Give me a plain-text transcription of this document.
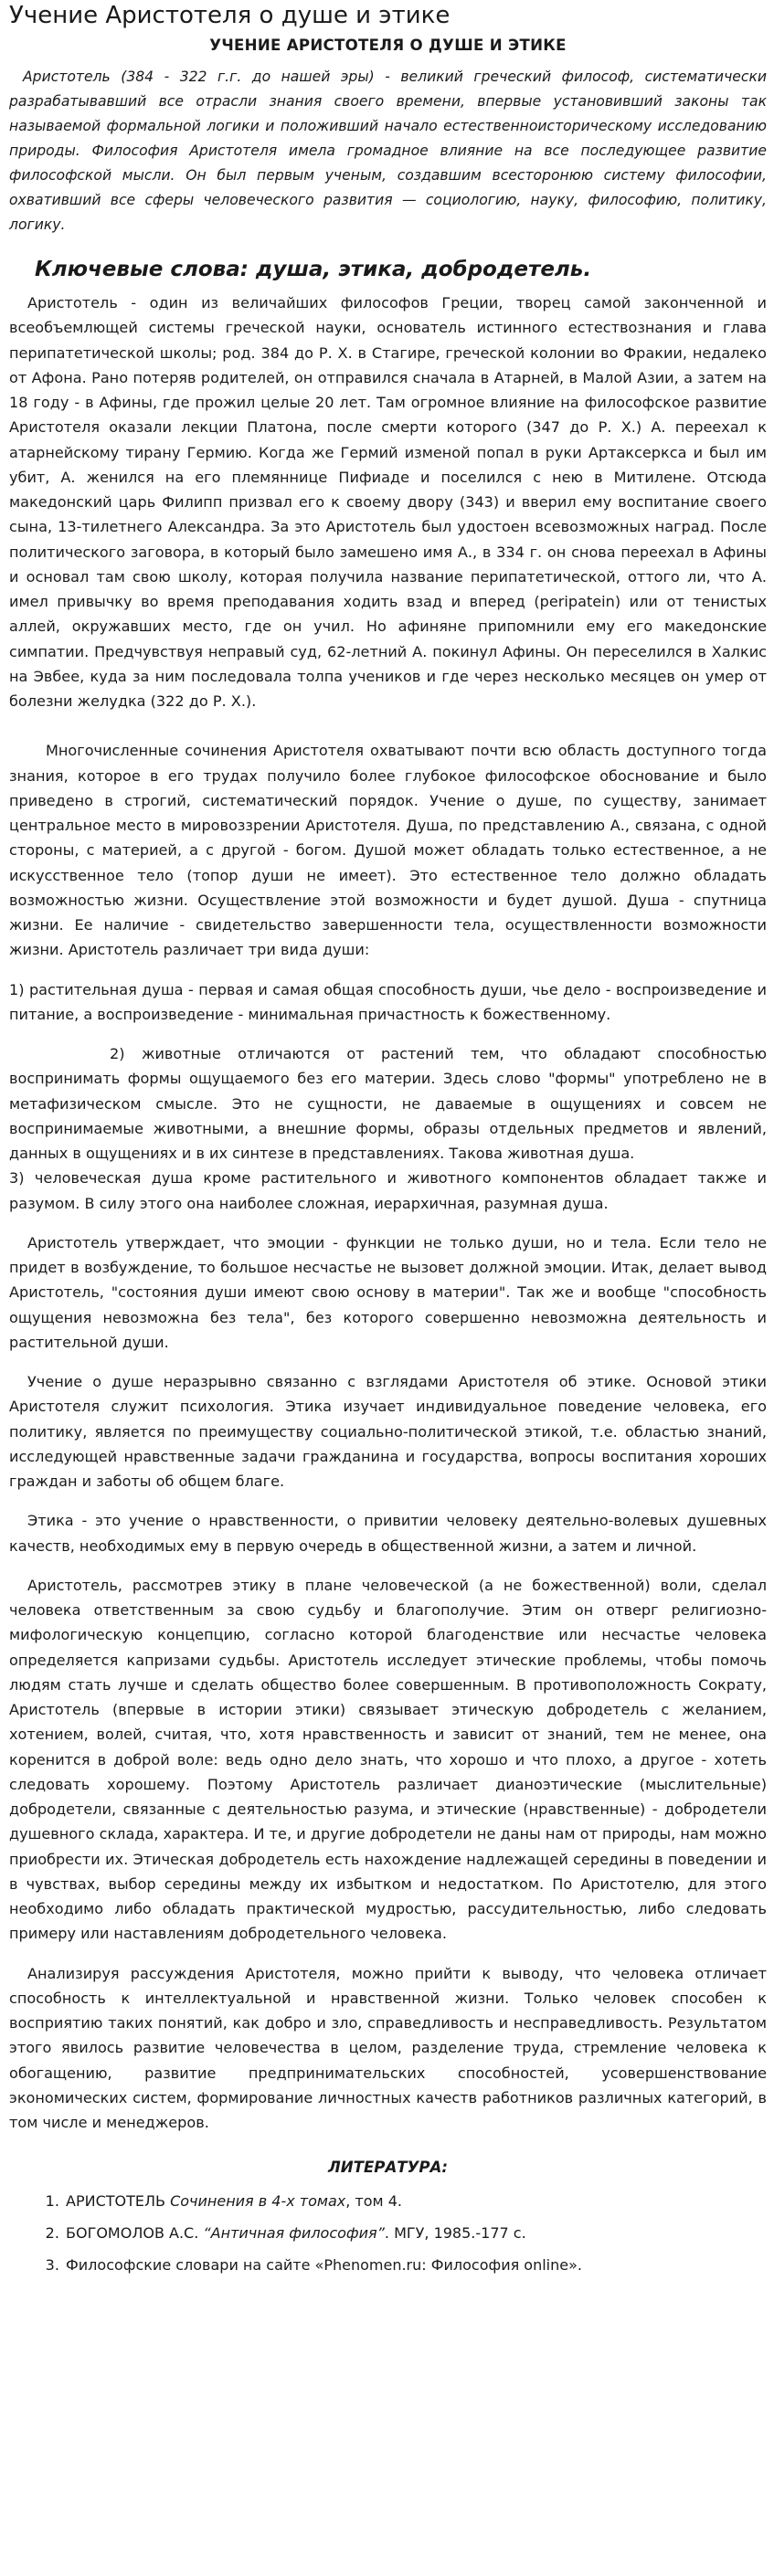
Учение Аристотеля о душе и этике
УЧЕНИЕ АРИСТОТЕЛЯ О ДУШЕ И ЭТИКЕ

Аристотель (384 - 322 г.г. до нашей эры) - великий греческий философ, систематически разрабатывавший все отрасли знания своего времени, впервые установивший законы так называемой формальной логики и положивший начало естественноисторическому исследованию природы. Философия Аристотеля имела громадное влияние на все последующее развитие философской мысли. Он был первым ученым, создавшим всесторонюю систему философии, охвативший все сферы человеческого развития — социологию, науку, философию, политику, логику.

Ключевые слова: душа, этика, добродетель.

Аристотель - один из величайших философов Греции, творец самой законченной и всеобъемлющей системы греческой науки, основатель истинного естествознания и глава перипатетической школы; род. 384 до Р. Х. в Стагире, греческой колонии во Фракии, недалеко от Афона. Рано потеряв родителей, он отправился сначала в Атарней, в Малой Азии, а затем на 18 году - в Афины, где прожил целые 20 лет. Там огромное влияние на философское развитие Аристотеля оказали лекции Платона, после смерти которого (347 до Р. Х.) А. переехал к атарнейскому тирану Гермию. Когда же Гермий изменой попал в руки Артаксеркса и был им убит, А. женился на его племяннице Пифиаде и поселился с нею в Митилене. Отсюда македонский царь Филипп призвал его к своему двору (343) и вверил ему воспитание своего сына, 13-тилетнего Александра. За это Аристотель был удостоен всевозможных наград. После политического заговора, в который было замешено имя А., в 334 г. он снова переехал в Афины и основал там свою школу, которая получила название перипатетической, оттого ли, что А. имел привычку во время преподавания ходить взад и вперед (peripatein) или от тенистых аллей, окружавших место, где он учил. Но афиняне припомнили ему его македонские симпатии. Предчувствуя неправый суд, 62-летний А. покинул Афины. Он переселился в Халкис на Эвбее, куда за ним последовала толпа учеников и где через несколько месяцев он умер от болезни желудка (322 до Р. Х.).

Многочисленные сочинения Аристотеля охватывают почти всю область доступного тогда знания, которое в его трудах получило более глубокое философское обоснование и было приведено в строгий, систематический порядок. Учение о душе, по существу, занимает центральное место в мировоззрении Аристотеля. Душа, по представлению А., связана, с одной стороны, с материей, а с другой - богом. Душой может обладать только естественное, а не искусственное тело (топор души не имеет). Это естественное тело должно обладать возможностью жизни. Осуществление этой возможности и будет душой. Душа - спутница жизни. Ее наличие - свидетельство завершенности тела, осуществленности возможности жизни. Аристотель различает три вида души:

1) растительная душа - первая и самая общая способность души, чье дело - воспроизведение и питание, а воспроизведение - минимальная причастность к божественному.

2) животные отличаются от растений тем, что обладают способностью воспринимать формы ощущаемого без его материи. Здесь слово "формы" употреблено не в метафизическом смысле. Это не сущности, не даваемые в ощущениях и совсем не воспринимаемые животными, а внешние формы, образы отдельных предметов и явлений, данных в ощущениях и в их синтезе в представлениях. Такова животная душа.

3) человеческая душа кроме растительного и животного компонентов обладает также и разумом. В силу этого она наиболее сложная, иерархичная, разумная душа.

Аристотель утверждает, что эмоции - функции не только души, но и тела. Если тело не придет в возбуждение, то большое несчастье не вызовет должной эмоции. Итак, делает вывод Аристотель, "состояния души имеют свою основу в материи". Так же и вообще "способность ощущения невозможна без тела", без которого совершенно невозможна деятельность и растительной души.

Учение о душе неразрывно связанно с взглядами Аристотеля об этике. Основой этики Аристотеля служит психология. Этика изучает индивидуальное поведение человека, его политику, является по преимуществу социально-политической этикой, т.е. областью знаний, исследующей нравственные задачи гражданина и государства, вопросы воспитания хороших граждан и заботы об общем благе.

Этика - это учение о нравственности, о привитии человеку деятельно-волевых душевных качеств, необходимых ему в первую очередь в общественной жизни, а затем и личной.

Аристотель, рассмотрев этику в плане человеческой (а не божественной) воли, сделал человека ответственным за свою судьбу и благополучие. Этим он отверг религиозно-мифологическую концепцию, согласно которой благоденствие или несчастье человека определяется капризами судьбы. Аристотель исследует этические проблемы, чтобы помочь людям стать лучше и сделать общество более совершенным. В противоположность Сократу, Аристотель (впервые в истории этики) связывает этическую добродетель с желанием, хотением, волей, считая, что, хотя нравственность и зависит от знаний, тем не менее, она коренится в доброй воле: ведь одно дело знать, что хорошо и что плохо, а другое - хотеть следовать хорошему. Поэтому Аристотель различает дианоэтические (мыслительные) добродетели, связанные с деятельностью разума, и этические (нравственные) - добродетели душевного склада, характера. И те, и другие добродетели не даны нам от природы, нам можно приобрести их. Этическая добродетель есть нахождение надлежащей середины в поведении и в чувствах, выбор середины между их избытком и недостатком. По Аристотелю, для этого необходимо либо обладать практической мудростью, рассудительностью, либо следовать примеру или наставлениям добродетельного человека.

Анализируя рассуждения Аристотеля, можно прийти к выводу, что человека отличает способность к интеллектуальной и нравственной жизни. Только человек способен к восприятию таких понятий, как добро и зло, справедливость и несправедливость. Результатом этого явилось развитие человечества в целом, разделение труда, стремление человека к обогащению, развитие предпринимательских способностей, усовершенствование экономических систем, формирование личностных качеств работников различных категорий, в том числе и менеджеров.

ЛИТЕРАТУРА:
1. АРИСТОТЕЛЬ Сочинения в 4-х томах, том 4.
2. БОГОМОЛОВ А.С. “Античная философия”. МГУ, 1985.-177 с.
3. Философские словари на сайте «Phenomen.ru: Философия online».
